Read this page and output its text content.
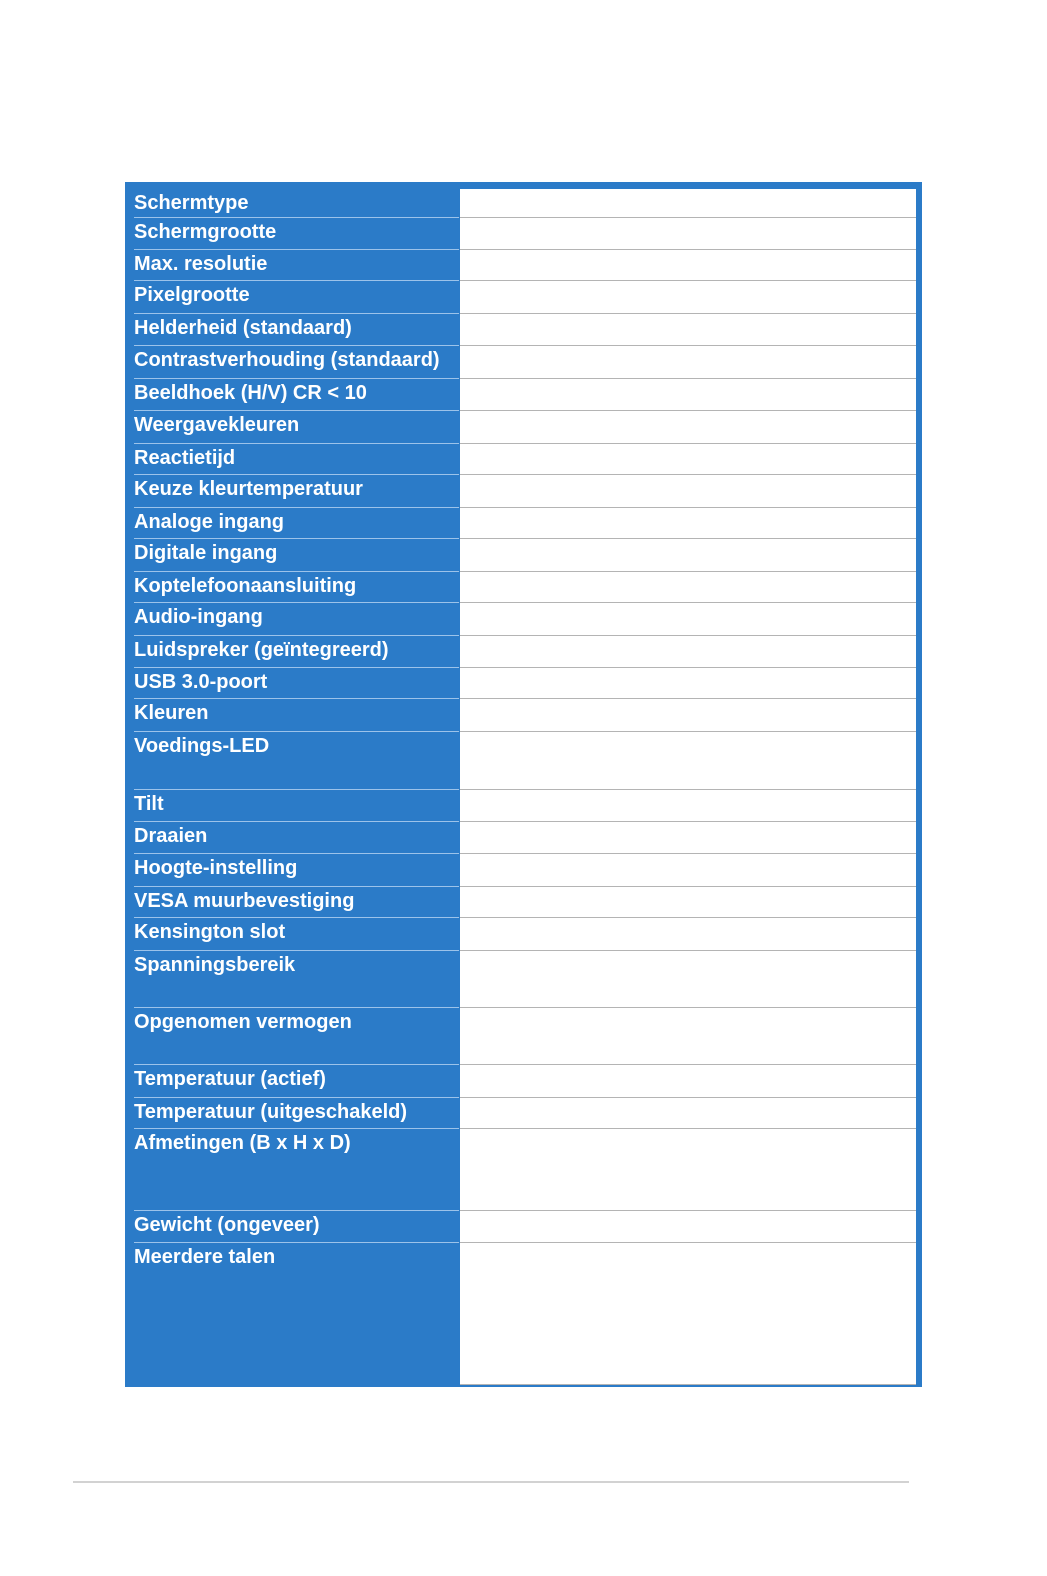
Schermtype
Schermgrootte
Max. resolutie
Pixelgrootte
Helderheid (standaard)
Contrastverhouding (standaard)
Beeldhoek (H/V) CR < 10
Weergavekleuren
Reactietijd
Keuze kleurtemperatuur
Analoge ingang
Digitale ingang
Koptelefoonaansluiting
Audio-ingang
Luidspreker (geïntegreerd)
USB 3.0-poort
Kleuren
Voedings-LED
Tilt
Draaien
Hoogte-instelling
VESA muurbevestiging
Kensington slot
Spanningsbereik
Opgenomen vermogen
Temperatuur (actief)
Temperatuur (uitgeschakeld)
Afmetingen (B x H x D)
Gewicht (ongeveer)
Meerdere talen
